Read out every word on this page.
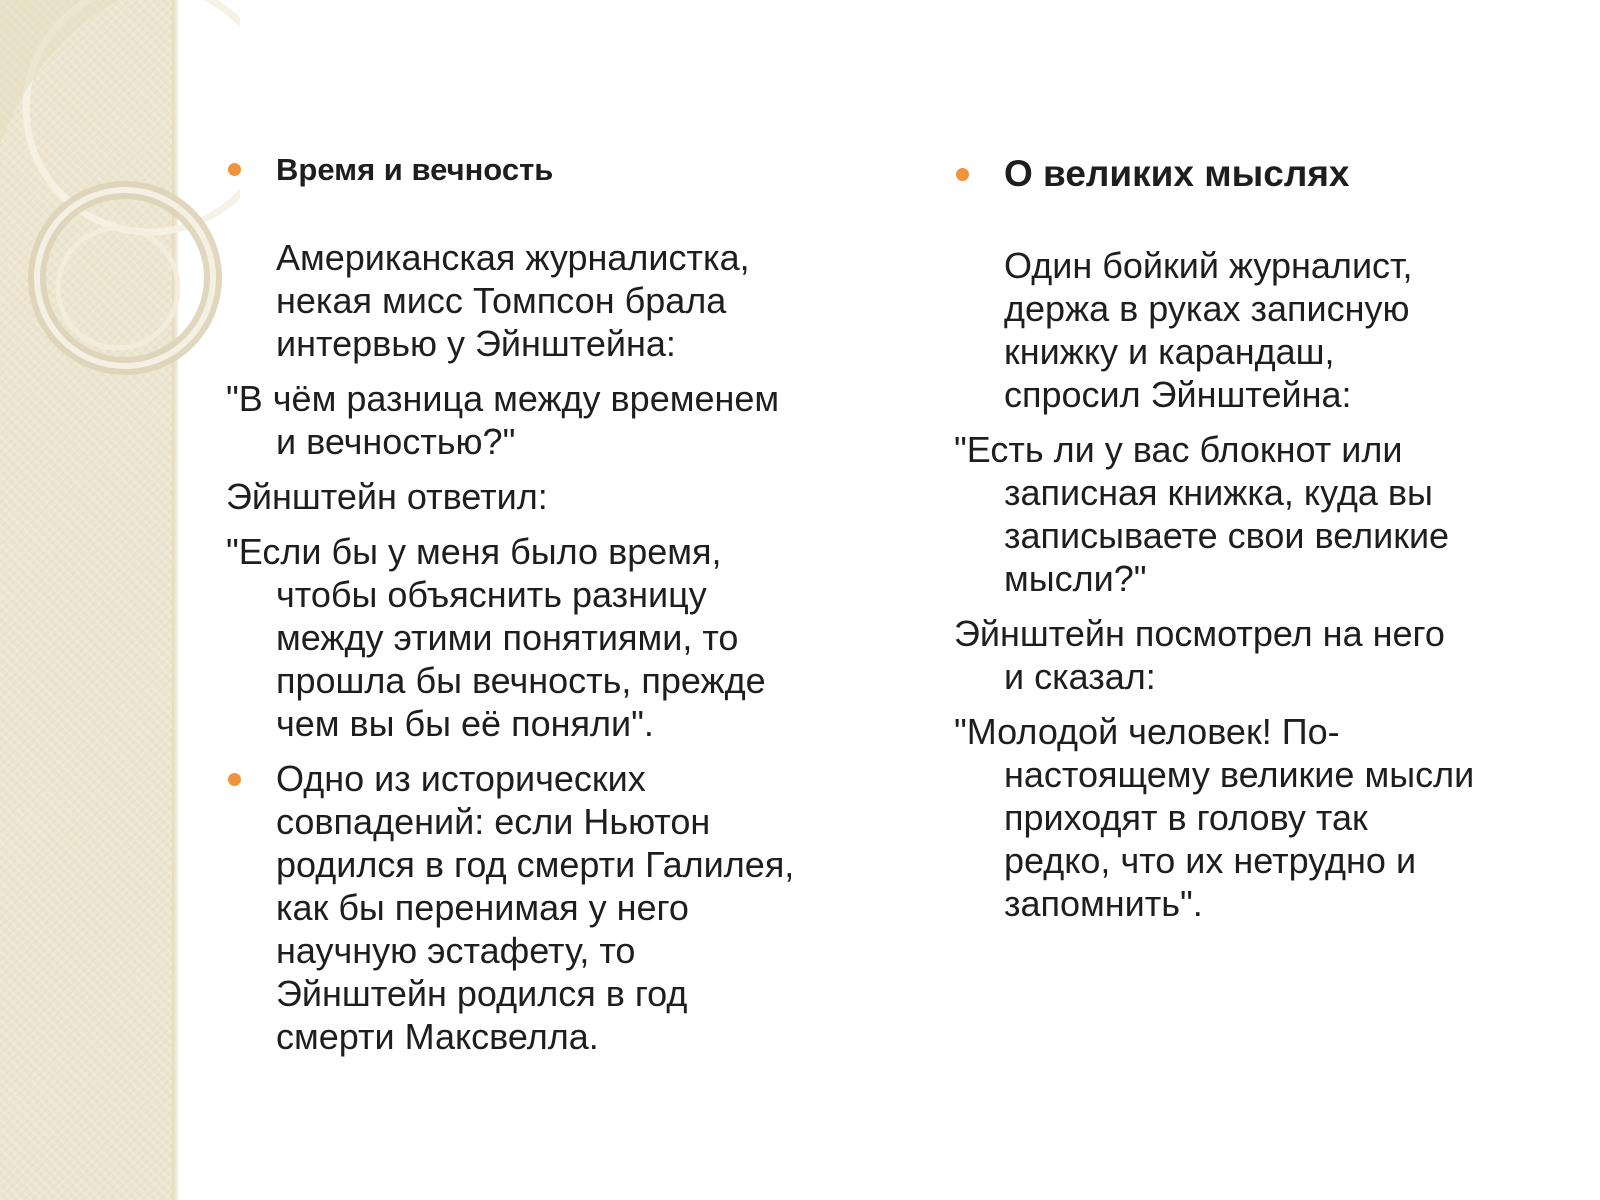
Время и вечность

Американская журналистка,
некая мисс Томпсон брала
интервью у Эйнштейна:

"В чём разница между временем
и вечностью?"

Эйнштейн ответил:

"Если бы у меня было время,
чтобы объяснить разницу
между этими понятиями, то
прошла бы вечность, прежде
чем вы бы её поняли".

Одно из исторических
совпадений: если Ньютон
родился в год смерти Галилея,
как бы перенимая у него
научную эстафету, то
Эйнштейн родился в год
смерти Максвелла.

О великих мыслях

Один бойкий журналист,
держа в руках записную
книжку и карандаш,
спросил Эйнштейна:

"Есть ли у вас блокнот или
записная книжка, куда вы
записываете свои великие
мысли?"

Эйнштейн посмотрел на него
и сказал:

"Молодой человек! По-
настоящему великие мысли
приходят в голову так
редко, что их нетрудно и
запомнить".
